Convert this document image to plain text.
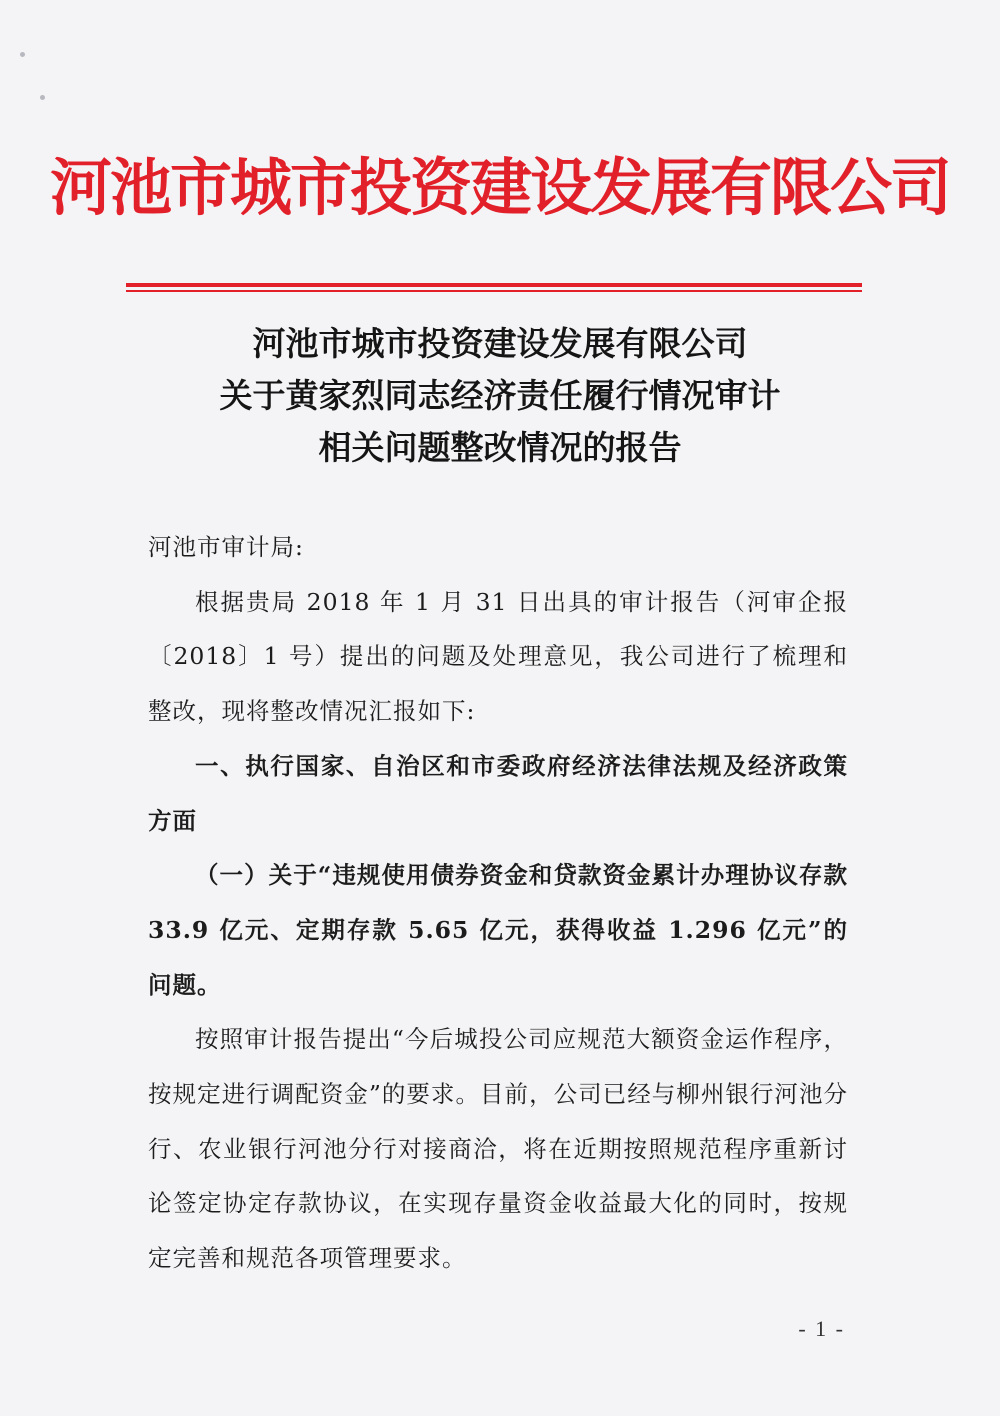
河池市城市投资建设发展有限公司
河池市城市投资建设发展有限公司
关于黄家烈同志经济责任履行情况审计
相关问题整改情况的报告

河池市审计局:

根据贵局 2018 年 1 月 31 日出具的审计报告（河审企报〔2018〕1 号）提出的问题及处理意见，我公司进行了梳理和整改，现将整改情况汇报如下:

一、执行国家、自治区和市委政府经济法律法规及经济政策方面

（一）关于“违规使用债券资金和贷款资金累计办理协议存款 33.9 亿元、定期存款 5.65 亿元，获得收益 1.296 亿元”的问题。

按照审计报告提出“今后城投公司应规范大额资金运作程序，按规定进行调配资金”的要求。目前，公司已经与柳州银行河池分行、农业银行河池分行对接商洽，将在近期按照规范程序重新讨论签定协定存款协议，在实现存量资金收益最大化的同时，按规定完善和规范各项管理要求。

- 1 -
